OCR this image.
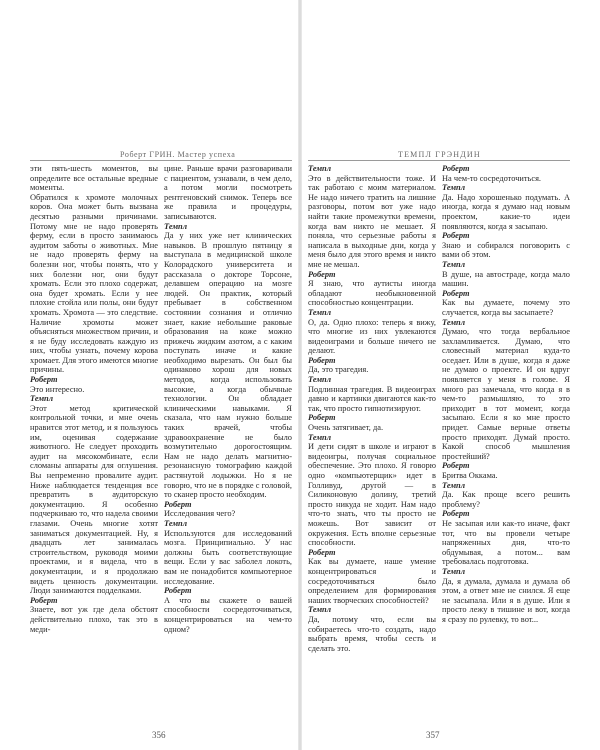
Роберт ГРИН. Мастер успеха

эти пять-шесть моментов, вы определите все остальные вредные моменты.

Обратился к хромоте молочных коров. Она может быть вызвана десятью разными причинами. Потому мне не надо проверять ферму, если в просто занимаюсь аудитом заботы о животных. Мне не надо проверять ферму на болезни ног, чтобы понять, что у них болезни ног, они будут хромать. Если это плохо содержат, она будет хромать. Если у нее плохие стойла или полы, они будут хромать. Хромота — это следствие. Наличие хромоты может объясняться множеством причин, и я не буду исследовать каждую из них, чтобы узнать, почему корова хромает. Для этого имеются многие причины.

Роберт

Это интересно.

Темпл

Этот метод критической контрольной точки, и мне очень нравится этот метод, и я пользуюсь им, оценивая содержание животного. Не следует проходить аудит на мясокомбинате, если сломаны аппараты для оглушения. Вы непременно провалите аудит. Ниже наблюдается тенденция все превратить в аудиторскую документацию. Я особенно подчеркиваю то, что надела своими глазами. Очень многие хотят заниматься документацией. Ну, я двадцать лет занималась строительством, руководя моими проектами, и я видела, что в документации, и я продолжаю видеть ценность документации. Люди занимаются подделками.

Роберт

Знаете, вот уж где дела обстоят действительно плохо, так это в меди-

цине. Раньше врачи разговаривали с пациентом, узнавали, в чем дело, а потом могли посмотреть рентгеновский снимок. Теперь все же правила и процедуры, записываются.

Темпл

Да у них уже нет клинических навыков. В прошлую пятницу я выступала в медицинской школе Колорадского университета и рассказала о докторе Торсоне, делавшем операцию на мозге людей. Он практик, который пребывает в собственном состоянии сознания и отлично знает, какие небольшие раковые образования на коже можно прижечь жидким азотом, а с каким поступать иначе и какие необходимо вырезать. Он был бы одинаково хорош для новых методов, когда использовать высокие, а когда обычные технологии. Он обладает клиническими навыками. Я сказала, что нам нужно больше таких врачей, чтобы здравоохранение не было возмутительно дорогостоящим. Нам не надо делать магнитно-резонансную томографию каждой растянутой лодыжки. Но я не говорю, что не в порядке с головой, то сканер просто необходим.

Роберт

Исследования чего?

Темпл

Используются для исследований мозга. Принципиально. У нас должны быть соответствующие вещи. Если у вас заболел локоть, вам не понадобится компьютерное исследование.

Роберт

А что вы скажете о вашей способности сосредоточиваться, концентрироваться на чем-то одном?

356
ТЕМПЛ ГРЭНДИН
Темпл

Это в действительности тоже. И так работаю с моим материалом. Не надо ничего тратить на лишние разговоры, потом вот уже надо найти такие промежутки времени, когда вам никто не мешает. Я поняла, что серьезные работы я написала в выходные дни, когда у меня было для этого время и никто мне не мешал.

Роберт

Я знаю, что аутисты иногда обладают необыкновенной способностью концентрации.

Темпл

О, да. Одно плохо: теперь я вижу, что многие из них увлекаются видеоиграми и больше ничего не делают.

Роберт

Да, это трагедия.

Темпл

Подлинная трагедия. В видеоиграх давно и картинки двигаются как-то так, что просто гипнотизируют.

Роберт

Очень затягивает, да.

Темпл

И дети сидят в школе и играют в видеоигры, получая социальное обеспечение. Это плохо. Я говорю одно «компьютерщик» идет в Голливуд, другой — в Силиконовую долину, третий просто никуда не ходит. Нам надо что-то знать, что ты просто не можешь. Вот зависит от окружения. Есть вполне серьезные способности.

Роберт

Как вы думаете, наше умение концентрироваться и сосредоточиваться было определением для формирования наших творческих способностей?

Темпл

Да, потому что, если вы собираетесь что-то создать, надо выбрать время, чтобы сесть и сделать это.

Роберт

На чем-то сосредоточиться.

Темпл

Да. Надо хорошенько подумать. А иногда, когда я думаю над новым проектом, какие-то идеи появляются, когда я засыпаю.

Роберт

Знаю и собирался поговорить с вами об этом.

Темпл

В душе, на автостраде, когда мало машин.

Роберт

Как вы думаете, почему это случается, когда вы засыпаете?

Темпл

Думаю, что тогда вербальное захламливается. Думаю, что словесный материал куда-то оседает. Или в душе, когда я даже не думаю о проекте. И он вдруг появляется у меня в голове. Я много раз замечала, что когда я в чем-то размышляю, то это приходит в тот момент, когда засыпаю. Если я ко мне просто придет. Самые верные ответы просто приходят. Думай просто. Какой способ мышления простейший?

Роберт

Бритва Оккама.

Темпл

Да. Как проще всего решить проблему?

Роберт

Не засыпая или как-то иначе, факт тот, что вы провели четыре напряженных дня, что-то обдумывая, а потом... вам требовалась подготовка.

Темпл

Да, я думала, думала и думала об этом, а ответ мне не снился. Я еще не засыпала. Или я в душе. Или я просто лежу в тишине и вот, когда я сразу по рулевку, то вот...

357
